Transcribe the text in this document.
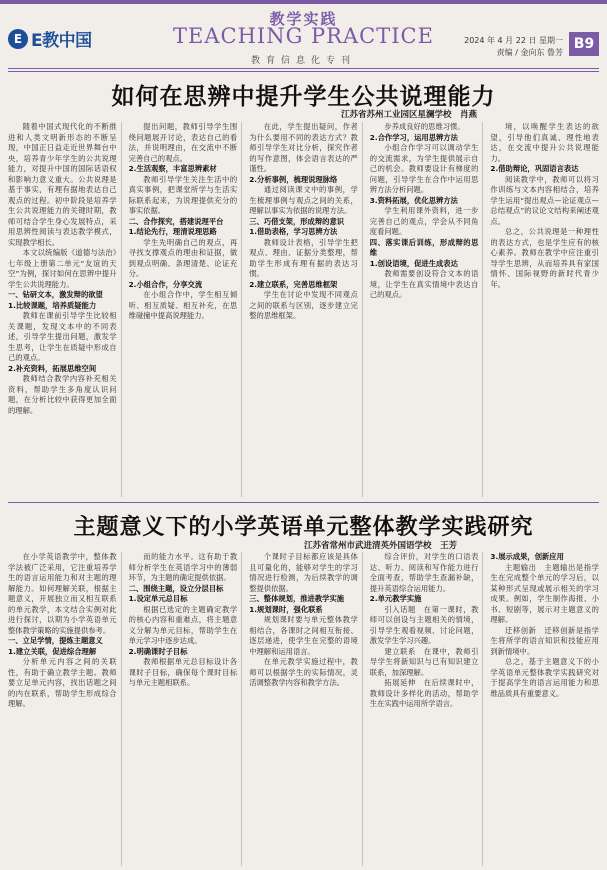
E E教中国
教学实践
TEACHING PRACTICE
教育信息化专刊
2024 年 4 月 22 日 星期一
责编 / 金向东 鲁芳
B9
如何在思辨中提升学生公共说理能力
江苏省苏州工业园区星澜学校　肖燕

随着中国式现代化的不断推进和人类文明新形态的不断呈现，中国正日益走近世界舞台中央，培养青少年学生的公共说理能力，对提升中国的国际话语权和影响力意义重大。公共说理是基于事实，有理有据地表达自己观点的过程。初中阶段是培养学生公共说理能力的关键时期，教师可结合学生身心发展特点，采用思辨性阅读与表达教学模式，实现教学相长。

本文以统编版《道德与法治》七年级上册第二单元“友谊的天空”为例，探讨如何在思辨中提升学生公共说理能力。

一、钻研文本，激发辩的欲望

1.比较课题，培养质疑能力

教师在课前引导学生比较相关课题，发现文本中的不同表述，引导学生提出问题，激发学生思考，让学生在质疑中形成自己的观点。

2.补充资料，拓展思维空间

教师结合教学内容补充相关资料，帮助学生多角度认识问题，在分析比较中获得更加全面的理解。

提出问题，教师引导学生围绕问题展开讨论，表达自己的看法，并说明理由，在交流中不断完善自己的观点。

2.生活观察，丰富思辨素材

教师引导学生关注生活中的真实事例，把课堂所学与生活实际联系起来，为说理提供充分的事实依据。

二、合作探究，搭建说理平台

1.结论先行，理清说理思路

学生先明确自己的观点，再寻找支撑观点的理由和证据，做到观点明确、条理清楚、论证充分。

2.小组合作，分享交流

在小组合作中，学生相互倾听、相互质疑、相互补充，在思维碰撞中提高说理能力。

在此，学生提出疑问，作者为什么要用不同的表达方式？教师引导学生对比分析，探究作者的写作意图，体会语言表达的严谨性。

2.分析事例，梳理说理脉络

通过阅读课文中的事例，学生梳理事例与观点之间的关系，理解以事实为依据的说理方法。

三、巧借支架，形成辩的意识

1.借助表格，学习思辨方法

教师设计表格，引导学生把观点、理由、证据分类整理，帮助学生形成有理有据的表达习惯。

2.建立联系，完善思维框架

学生在讨论中发现不同观点之间的联系与区别，逐步建立完整的思维框架。

步养成良好的思维习惯。

2.合作学习，运用思辨方法

小组合作学习可以调动学生的交流需求，为学生提供展示自己的机会。教师要设计有梯度的问题，引导学生在合作中运用思辨方法分析问题。

3.资料拓展，优化思辨方法

学生利用课外资料，进一步完善自己的观点，学会从不同角度看问题。

四、落实课后训练，形成辩的思维

1.创设语境，促进生成表达

教师需要创设符合文本的语境，让学生在真实情境中表达自己的观点。

境，以唤醒学生表达的欲望，引导他们真诚、理性地表达，在交流中提升公共说理能力。

2.借助辩论，巩固语言表达

阅读教学中，教师可以将习作训练与文本内容相结合，培养学生运用“提出观点—论证观点—总结观点”的议论文结构来阐述观点。

总之，公共说理是一种理性的表达方式，也是学生应有的核心素养。教师在教学中应注重引导学生思辨，从而培养具有家国情怀、国际视野的新时代青少年。

主题意义下的小学英语单元整体教学实践研究
江苏省常州市武进清英外国语学校　王芳

在小学英语教学中，整体教学法被广泛采用，它注重培养学生的语言运用能力和对主题的理解能力。如何理解关联，根据主题意义，开展独立而又相互联系的单元教学，本文结合实例对此进行探讨，以期为小学英语单元整体教学策略的实施提供参考。

一、立足学情，提炼主题意义

1.建立关联，促进综合理解

分析单元内容之间的关联性，有助于确立教学主题。教师要立足单元内容，找出话题之间的内在联系，帮助学生形成综合理解。

而的能力水平。这有助于教师分析学生在英语学习中的薄弱环节，为主题的确定提供依据。

二、围绕主题，设立分层目标

1.设定单元总目标

根据已选定的主题确定教学的核心内容和重难点，将主题意义分解为单元目标，帮助学生在单元学习中逐步达成。

2.明确课时子目标

教师根据单元总目标设计各课时子目标，确保每个课时目标与单元主题相联系。

个课时子目标都应该是具体且可量化的，能够对学生的学习情况进行检测，为后续教学的调整提供依据。

三、整体规划，推进教学实施

1.规划课时，强化联系

规划课时要与单元整体教学相结合，各课时之间相互衔接、逐层递进，使学生在完整的语境中理解和运用语言。

在单元教学实施过程中，教师可以根据学生的实际情况，灵活调整教学内容和教学方法。

综合评价，对学生的口语表达、听力、阅读和写作能力进行全面考查，帮助学生查漏补缺，提升英语综合运用能力。

2.单元教学实施

引入话题　在第一课时，教师可以创设与主题相关的情境，引导学生观看视频、讨论问题，激发学生学习兴趣。

建立联系　在课中，教师引导学生将新知识与已有知识建立联系，加深理解。

拓展延伸　在后续课时中，教师设计多样化的活动，帮助学生在实践中运用所学语言。

3.展示成果，创新应用

主题输出　主题输出是指学生在完成整个单元的学习后，以某种形式呈现或展示相关的学习成果。例如，学生制作海报、小书、短剧等，展示对主题意义的理解。

迁移创新　迁移创新是指学生将所学的语言知识和技能应用到新情境中。

总之，基于主题意义下的小学英语单元整体教学实践研究对于提高学生的语言运用能力和思维品质具有重要意义。
